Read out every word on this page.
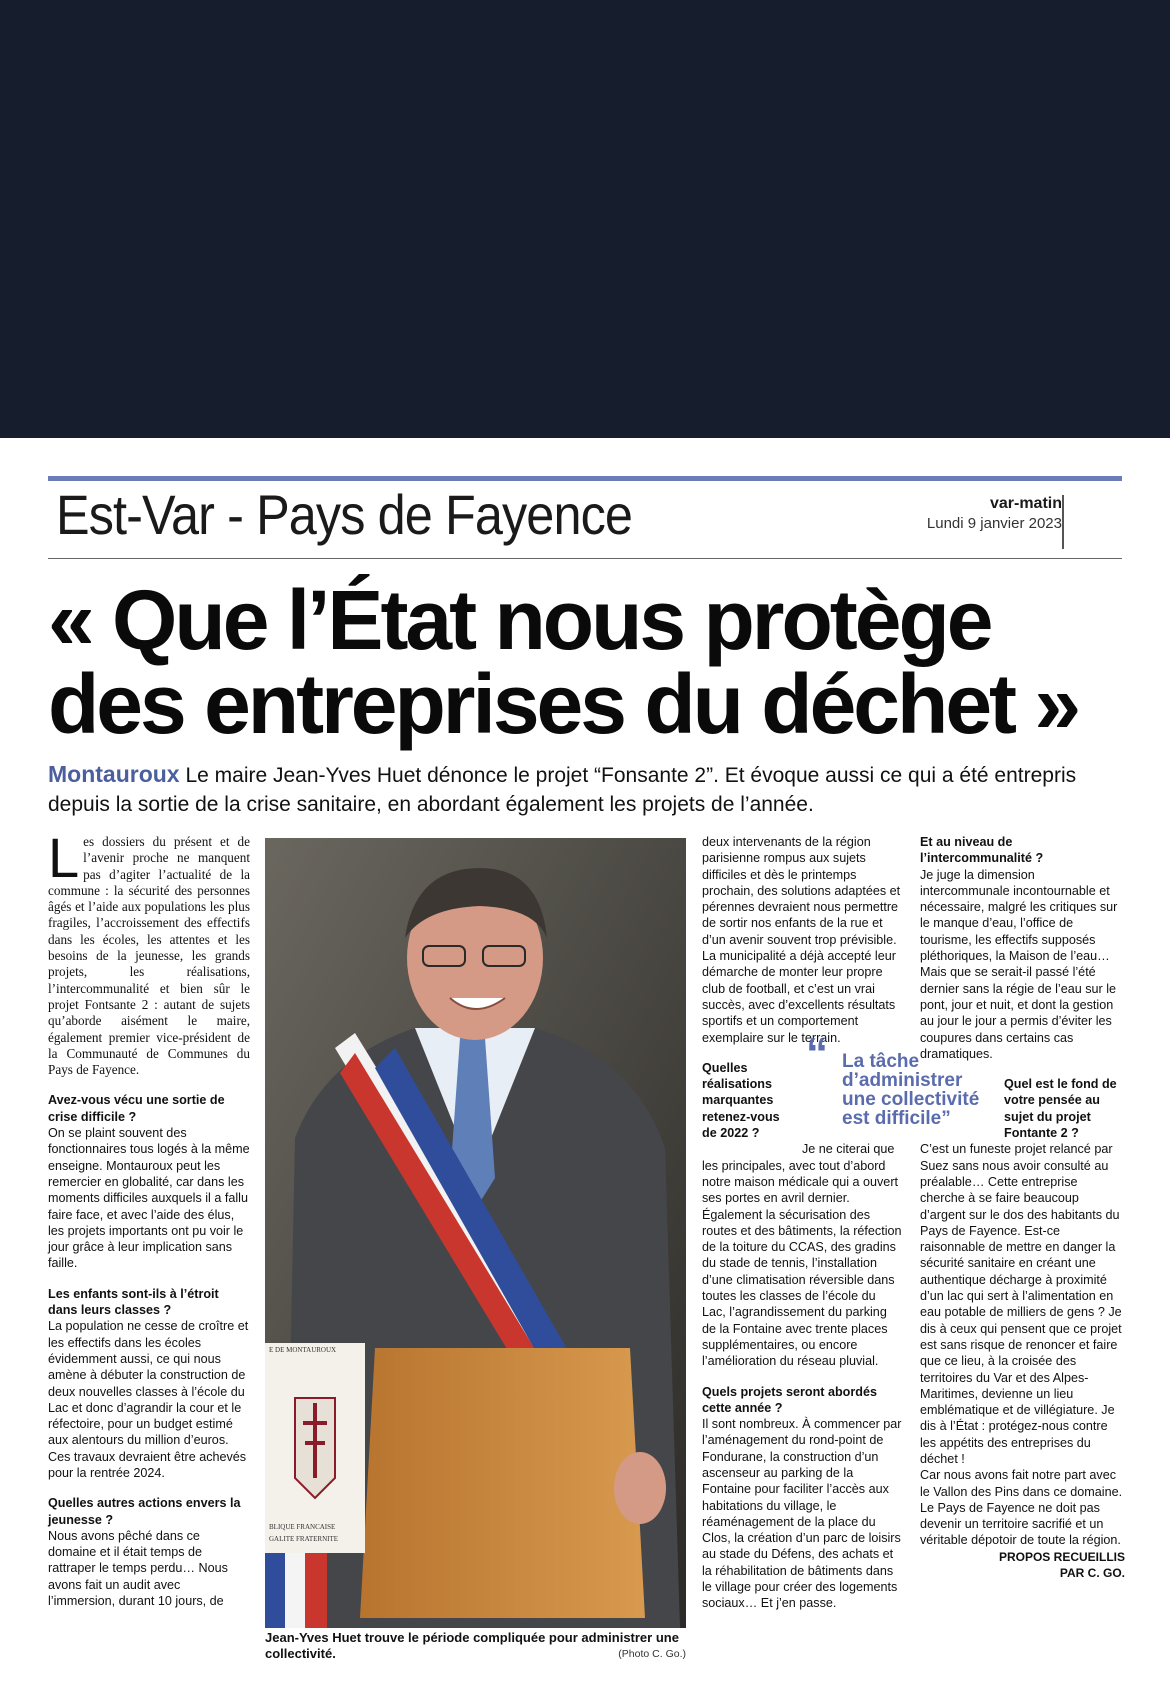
Est-Var - Pays de Fayence	var-matin
Lundi 9 janvier 2023
« Que l’État nous protège
des entreprises du déchet »
Montauroux Le maire Jean-Yves Huet dénonce le projet “Fonsante 2”. Et évoque aussi ce qui a été entrepris depuis la sortie de la crise sanitaire, en abordant également les projets de l’année.

Les dossiers du présent et de l’avenir proche ne manquent pas d’agiter l’actualité de la commune : la sécurité des personnes âgés et l’aide aux populations les plus fragiles, l’accroissement des effectifs dans les écoles, les attentes et les besoins de la jeunesse, les grands projets, les réalisations, l’intercommunalité et bien sûr le projet Fontsante 2 : autant de sujets qu’aborde aisément le maire, également premier vice-président de la Communauté de Communes du Pays de Fayence.

Avez-vous vécu une sortie de crise difficile ?

On se plaint souvent des fonctionnaires tous logés à la même enseigne. Montauroux peut les remercier en globalité, car dans les moments difficiles auxquels il a fallu faire face, et avec l’aide des élus, les projets importants ont pu voir le jour grâce à leur implication sans faille.

Les enfants sont-ils à l’étroit dans leurs classes ?

La population ne cesse de croître et les effectifs dans les écoles évidemment aussi, ce qui nous amène à débuter la construction de deux nouvelles classes à l’école du Lac et donc d’agrandir la cour et le réfectoire, pour un budget estimé aux alentours du million d’euros. Ces travaux devraient être achevés pour la rentrée 2024.

Quelles autres actions envers la jeunesse ?

Nous avons pêché dans ce domaine et il était temps de rattraper le temps perdu… Nous avons fait un audit avec l’immersion, durant 10 jours, de

E DE MONTAUROUX
BLIQUE FRANCAISE
GALITE FRATERNITE
Jean-Yves Huet trouve le période compliquée pour administrer une collectivité.	(Photo C. Go.)

deux intervenants de la région parisienne rompus aux sujets difficiles et dès le printemps prochain, des solutions adaptées et pérennes devraient nous permettre de sortir nos enfants de la rue et d’un avenir souvent trop prévisible. La municipalité a déjà accepté leur démarche de monter leur propre club de football, et c’est un vrai succès, avec d’excellents résultats sportifs et un comportement exemplaire sur le terrain.

Quelles réalisations marquantes retenez-vous de 2022 ?

Je ne citerai que les principales, avec tout d’abord notre maison médicale qui a ouvert ses portes en avril dernier. Également la sécurisation des routes et des bâtiments, la réfection de la toiture du CCAS, des gradins du stade de tennis, l’installation d’une climatisation réversible dans toutes les classes de l’école du Lac, l’agrandissement du parking de la Fontaine avec trente places supplémentaires, ou encore l’amélioration du réseau pluvial.

Quels projets seront abordés cette année ?

Il sont nombreux. À commencer par l’aménagement du rond-point de Fondurane, la construction d’un ascenseur au parking de la Fontaine pour faciliter l’accès aux habitations du village, le réaménagement de la place du Clos, la création d’un parc de loisirs au stade du Défens, des achats et la réhabilitation de bâtiments dans le village pour créer des logements sociaux… Et j’en passe.

“ La tâche d’administrer une collectivité est difficile”

Et au niveau de l’intercommunalité ?

Je juge la dimension intercommunale incontournable et nécessaire, malgré les critiques sur le manque d’eau, l’office de tourisme, les effectifs supposés pléthoriques, la Maison de l’eau… Mais que se serait-il passé l’été dernier sans la régie de l’eau sur le pont, jour et nuit, et dont la gestion au jour le jour a permis d’éviter les coupures dans certains cas dramatiques.

Quel est le fond de votre pensée au sujet du projet Fontante 2 ?

C’est un funeste projet relancé par Suez sans nous avoir consulté au préalable… Cette entreprise cherche à se faire beaucoup d’argent sur le dos des habitants du Pays de Fayence. Est-ce raisonnable de mettre en danger la sécurité sanitaire en créant une authentique décharge à proximité d’un lac qui sert à l’alimentation en eau potable de milliers de gens ? Je dis à ceux qui pensent que ce projet est sans risque de renoncer et faire que ce lieu, à la croisée des territoires du Var et des Alpes-Maritimes, devienne un lieu emblématique et de villégiature. Je dis à l’État : protégez-nous contre les appétits des entreprises du déchet !

Car nous avons fait notre part avec le Vallon des Pins dans ce domaine. Le Pays de Fayence ne doit pas devenir un territoire sacrifié et un véritable dépotoir de toute la région.

PROPOS RECUEILLIS

PAR C. GO.
